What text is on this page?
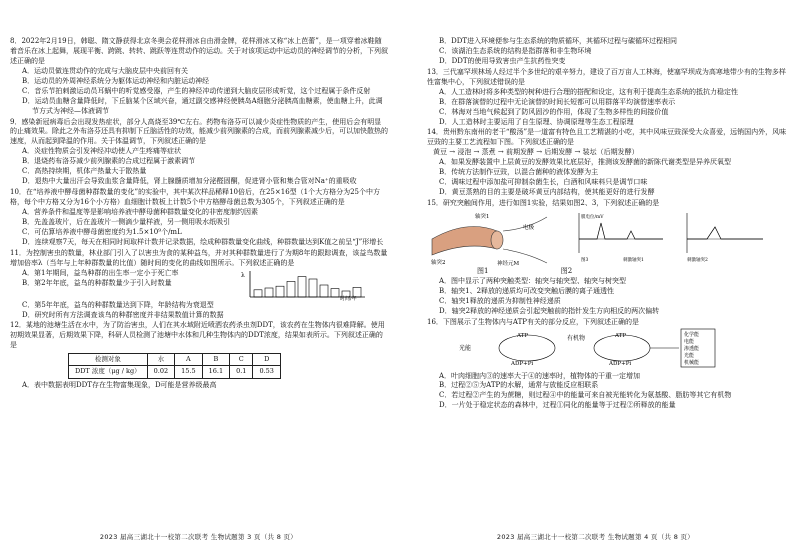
8．2022年2月19日，韩聪、隋文静获得北京冬奥会花样滑冰自由滑金牌，花样滑冰又称“冰上芭蕾”，是一项穿着冰鞋随着音乐在冰上起舞，展现平衡、跨跳、转转、跳跃等连贯动作的运动。关于对该项运动中运动员的神经调节的分析，下列叙述正确的是

A．运动员做连贯动作的完成与大脑皮层中央前回有关

B．运动员的外周神经系统分为躯体运动神经和内脏运动神经

C．音乐节拍刺激运动员耳蜗中的听觉感受器，产生的神经冲动传递到大脑皮层形成听觉，这个过程属于条件反射

D．运动员血糖含量降低时，下丘脑某个区域兴奋，通过副交感神经使胰岛A细胞分泌胰高血糖素，使血糖上升，此调节方式为神经—体液调节

9．感染新冠病毒后会出现发热症状，部分人高烧至39℃左右。药物布洛芬可以减少炎症性物质的产生，使用后会有明显的止痛效果。除此之外布洛芬还具有抑制下丘脑活性的功效，能减少前列腺素的合成，而前列腺素减少后，可以加快散热的速度，从而起到降温的作用。关于体温调节，下列叙述正确的是

A．炎症性物质会引发神经冲动使人产生疼痛等症状

B．退烧药布洛芬减少前列腺素的合成过程属于激素调节

C．高热持续期，机体产热量大于散热量

D．退热中大量出汗会导致血浆含量降低，肾上腺髓质增加分泌醛固酮，促进肾小管和集合管对Na⁺的重吸收

10．在“培养液中酵母菌种群数量的变化”的实验中，其中某次样品稀释10倍后，在25×16型（1个大方格分为25个中方格，每个中方格又分为16个小方格）血细胞计数板上计数5个中方格酵母菌总数为305个，下列叙述正确的是

A．营养条件和温度等是影响培养液中酵母菌种群数量变化的非密度制约因素

B．先盖盖玻片，后在盖玻片一侧滴少量样液，另一侧用吸水纸吸引

C．可估算培养液中酵母菌密度约为1.5×10⁹个/mL

D．连续观察7天，每天在相同时间取样计数并记录数据，绘成种群数量变化曲线，种群数量达到K值之前呈“J”形增长

11．为控制害虫的数量，林业部门引入了以害虫为食的某种益鸟，并对其种群数量进行了为期8年的跟踪调查，该益鸟数量增加倍率λ（当年与上年种群数量的比值）随时间的变化的曲线如图所示。下列叙述正确的是

A．第1年期间，益鸟种群的出生率一定小于死亡率

B．第2年年底，益鸟的种群数量少于引入时数量

λ
时间/年

C．第5年年底，益鸟的种群数量达到下降，年龄结构为衰退型

D．研究时所有方法调查该鸟的种群密度并非结果数值计算的数据

12．某地的池塘生活在水中，为了防治害虫，人们在其水域附近喷洒农药杀虫剂DDT，该农药在生物体内很难降解。使用初期效果显著，后期效果下降，科研人员检测了池塘中水体和几种生物体内的DDT浓度，结果如表所示。下列叙述正确的是

检测对象	水	A	B	C	D
DDT 浓度（μg / kg）	0.02	15.5	16.1	0.1	0.53

A．表中数据表明DDT存在生物富集现象，D可能是营养级最高

2023 届高三湖北十一校第二次联考 生物试题第 3 页（共 8 页）

B．DDT进入环境便参与生态系统的物质循环，其循环过程与碳循环过程相同

C．该湖泊生态系统的结构是指群落和非生物环境

D．DDT的使用导致害虫产生抗药性突变

13．三代塞罕坝林场人经过半个多世纪的艰辛努力，建设了百万亩人工林海，使塞罕坝成为高寒地带少有的生物多样性富集中心，下列叙述错误的是

A．人工造林时将多种类型的树种进行合理的搭配和设定，这有利于提高生态系统的抵抗力稳定性

B．在群落演替的过程中无论演替的时间长短都可以用群落平均演替速率表示

C．林海对当地气候起到了防风固沙的作用，体现了生物多样性的间接价值

D．人工造林时主要运用了自生原理、协调原理等生态工程原理

14．贵州黔东南州的老干“酸汤”是一道富有特色且工艺精湛的小吃，其中风味豆豉深受大众喜爱，远销国内外，风味豆豉的主要工艺流程如下图。下列叙述正确的是

黄豆 → 浸泡 → 蒸煮 → 前期发酵 → 后期发酵 → 装坛（后期发酵）

A．如果发酵装置中上层黄豆的发酵效果比底层好，推测该发酵菌的新陈代谢类型是异养厌氧型

B．传统方法制作豆豉，以混合菌种的液体发酵为主

C．调味过程中添加盐可抑制杂菌生长，白酒和风味料只是调节口味

D．黄豆蒸熟的目的主要是破坏黄豆内部结构，使其能更好的进行发酵

15．研究突触间作用，进行如图1实验，结果如图2、3，下列叙述正确的是

轴突1
轴突2
电极
神经元M
膜电位/mV
图3	刺激轴突1	刺激轴突2

图1	图2

A．图中显示了两种突触类型：轴突与轴突型、轴突与树突型

B．轴突1、2释放的递质均可改变突触后膜的离子通透性

C．轴突1释放的递质为抑制性神经递质

D．轴突2释放的神经递质会引起突触前的指针发生方向相反的两次偏转

16．下图展示了生物体内与ATP有关的部分反应，下列叙述正确的是

光能
ATP
ADP+Pi
有机物
ADP+Pi
ATP	化学能
电能
渗透能
光能
机械能

A．叶肉细胞内③的速率大于④的速率时，植物体的干重一定增加

B．过程②⑤为ATP的水解，通常与放能反应相联系

C．若过程②产生的为蔗糖，则过程④中的能量可来自被光能转化为氨基酸、脂肪等其它有机物

D．一片处于稳定状态的森林中，过程①同化的能量等于过程②所释放的能量

2023 届高三湖北十一校第二次联考 生物试题第 4 页（共 8 页）
